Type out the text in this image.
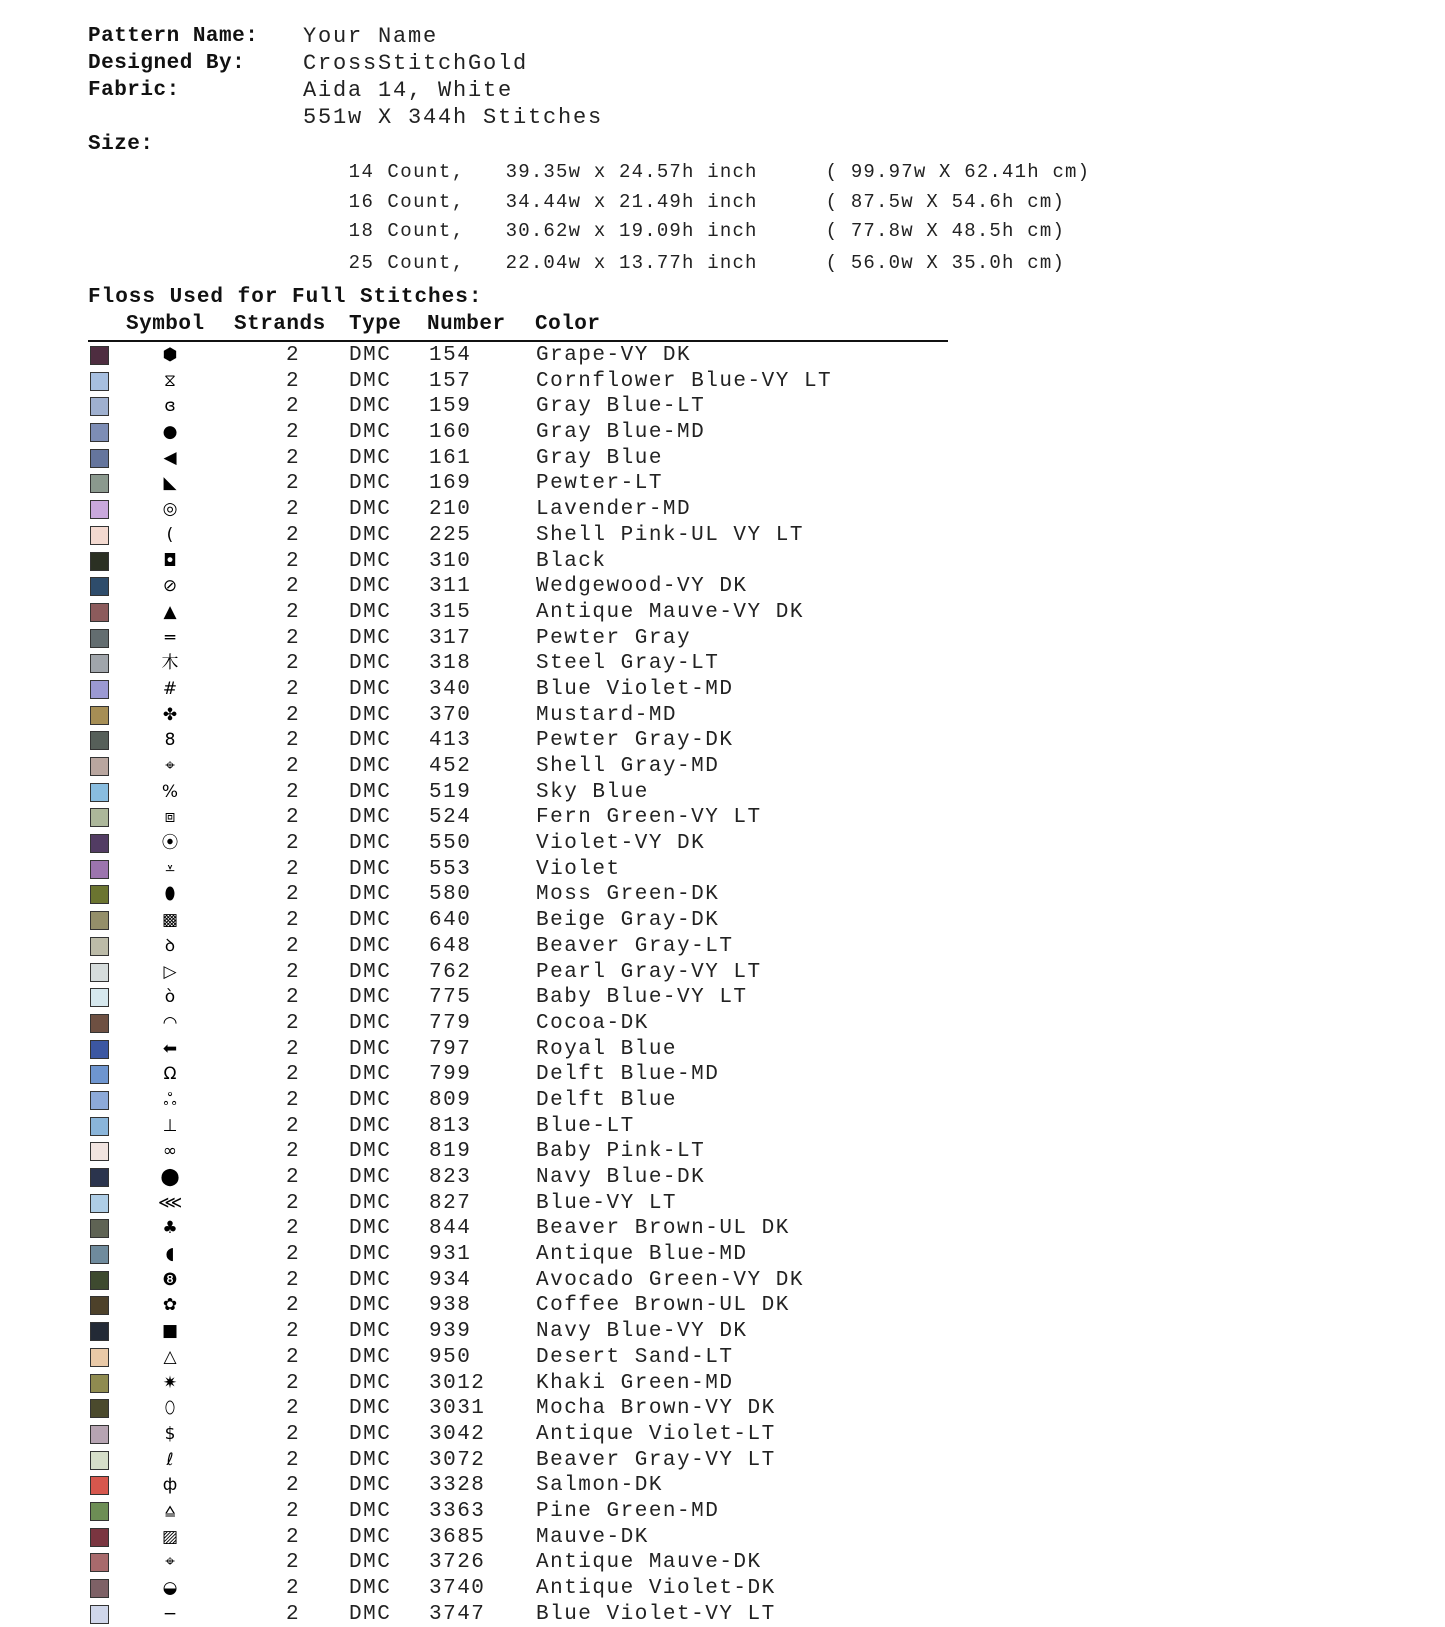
Pattern Name: Your Name
Designed By:	CrossStitchGold
Fabric:	Aida 14, White
551w X 344h Stitches
Size:

14 Count, 39.35w x 24.57h inch	( 99.97w X 62.41h cm)

16 Count, 34.44w x 21.49h inch	( 87.5w X 54.6h cm)

18 Count, 30.62w x 19.09h inch	( 77.8w X 48.5h cm)

25 Count, 22.04w x 13.77h inch	( 56.0w X 35.0h cm)

Floss Used for Full Stitches:
Symbol Strands Type Number Color
⬢	2 DMC 154	Grape-VY DK
⧖	2 DMC 157	Cornflower Blue-VY LT
ɞ	2 DMC 159	Gray Blue-LT
●	2 DMC 160	Gray Blue-MD
◀	2 DMC 161	Gray Blue
◣	2 DMC 169	Pewter-LT
◎	2 DMC 210	Lavender-MD
(	2 DMC 225	Shell Pink-UL VY LT
◘	2 DMC 310	Black
⊘	2 DMC 311	Wedgewood-VY DK
▲	2 DMC 315	Antique Mauve-VY DK
═	2 DMC 317	Pewter Gray
木	2 DMC 318	Steel Gray-LT
#	2 DMC 340	Blue Violet-MD
✤	2 DMC 370	Mustard-MD
8	2 DMC 413	Pewter Gray-DK
⌖	2 DMC 452	Shell Gray-MD
%	2 DMC 519	Sky Blue
⧈	2 DMC 524	Fern Green-VY LT
⦿	2 DMC 550	Violet-VY DK
⩡	2 DMC 553	Violet
⬮	2 DMC 580	Moss Green-DK
▩	2 DMC 640	Beige Gray-DK
ꝺ	2 DMC 648	Beaver Gray-LT
▷	2 DMC 762	Pearl Gray-VY LT
ò	2 DMC 775	Baby Blue-VY LT
◠	2 DMC 779	Cocoa-DK
⬅	2 DMC 797	Royal Blue
Ω	2 DMC 799	Delft Blue-MD
ஃ	2 DMC 809	Delft Blue
⊥	2 DMC 813	Blue-LT
∞	2 DMC 819	Baby Pink-LT
⬤	2 DMC 823	Navy Blue-DK
⋘	2 DMC 827	Blue-VY LT
♣	2 DMC 844	Beaver Brown-UL DK
◖	2 DMC 931	Antique Blue-MD
❽	2 DMC 934	Avocado Green-VY DK
✿	2 DMC 938	Coffee Brown-UL DK
■	2 DMC 939	Navy Blue-VY DK
△	2 DMC 950	Desert Sand-LT
✷	2 DMC 3012 Khaki Green-MD
⬯	2 DMC 3031 Mocha Brown-VY DK
$	2 DMC 3042 Antique Violet-LT
ℓ	2 DMC 3072 Beaver Gray-VY LT
ф	2 DMC 3328 Salmon-DK
⩠	2 DMC 3363 Pine Green-MD
▨	2 DMC 3685 Mauve-DK
⌖	2 DMC 3726 Antique Mauve-DK
◒	2 DMC 3740 Antique Violet-DK
−	2 DMC 3747 Blue Violet-VY LT
